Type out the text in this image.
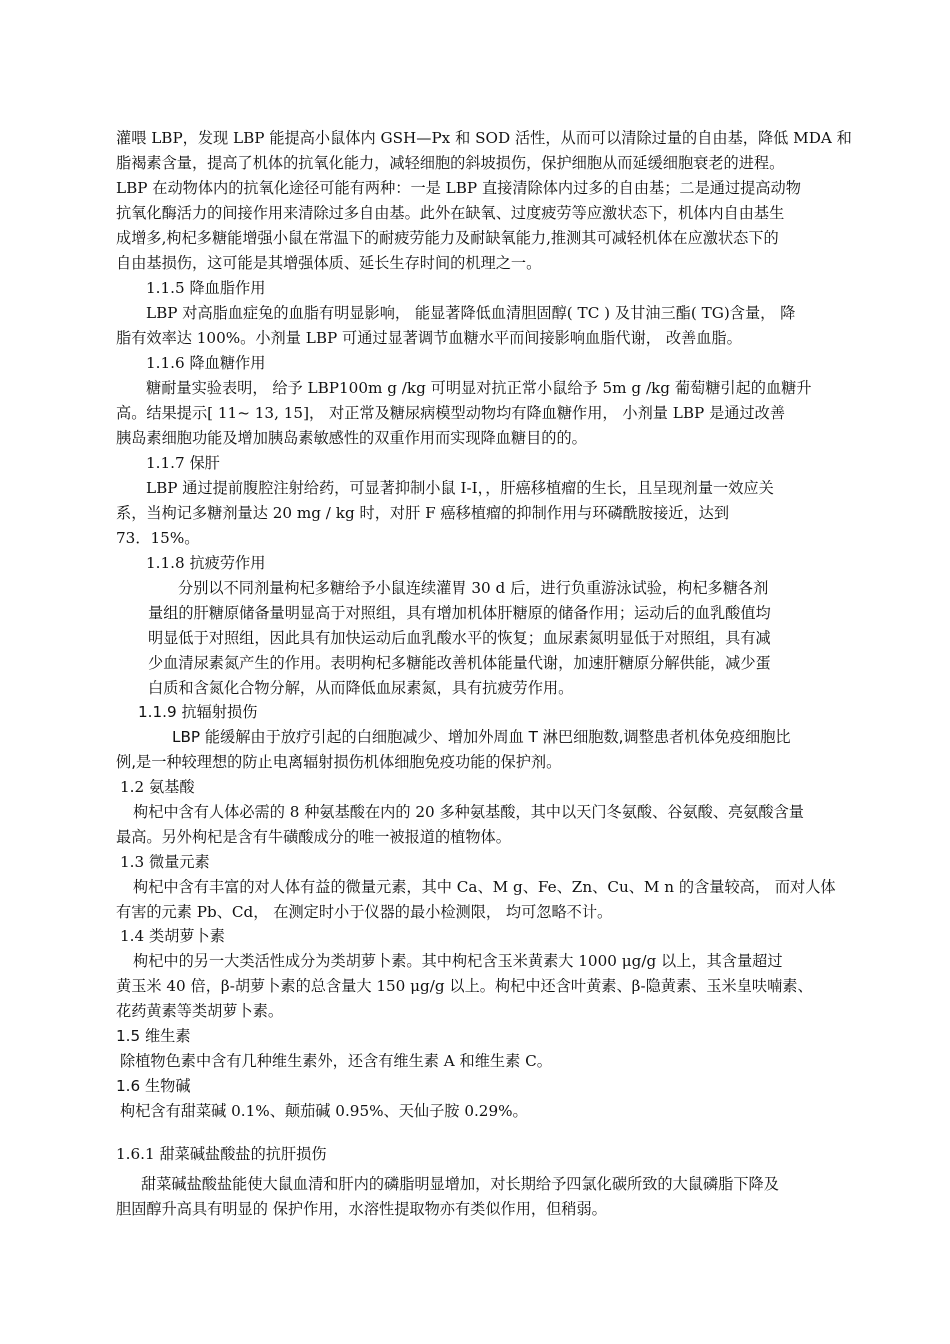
灌喂 LBP，发现 LBP 能提高小鼠体内 GSH—Px 和 SOD 活性，从而可以清除过量的自由基，降低 MDA 和
脂褐素含量，提高了机体的抗氧化能力，减轻细胞的斜坡损伤，保护细胞从而延缓细胞衰老的进程。
LBP 在动物体内的抗氧化途径可能有两种：一是 LBP 直接清除体内过多的自由基；二是通过提高动物
抗氧化酶活力的间接作用来清除过多自由基。此外在缺氧、过度疲劳等应激状态下，机体内自由基生
成增多,枸杞多糖能增强小鼠在常温下的耐疲劳能力及耐缺氧能力,推测其可减轻机体在应激状态下的
自由基损伤，这可能是其增强体质、延长生存时间的机理之一。
1.1.5 降血脂作用
LBP 对高脂血症兔的血脂有明显影响， 能显著降低血清胆固醇( TC ) 及甘油三酯( TG)含量， 降
脂有效率达 100%。小剂量 LBP 可通过显著调节血糖水平而间接影响血脂代谢， 改善血脂。
1.1.6 降血糖作用
糖耐量实验表明， 给予 LBP100m g /kg 可明显对抗正常小鼠给予 5m g /kg 葡萄糖引起的血糖升
高。结果提示[ 11~ 13, 15]， 对正常及糖尿病模型动物均有降血糖作用， 小剂量 LBP 是通过改善
胰岛素细胞功能及增加胰岛素敏感性的双重作用而实现降血糖目的的。
1.1.7 保肝
LBP 通过提前腹腔注射给药，可显著抑制小鼠 I-I，，肝癌移植瘤的生长，且呈现剂量一效应关
系，当枸记多糖剂量达 20 mg / kg 时，对肝 F 癌移植瘤的抑制作用与环磷酰胺接近，达到
73．15%。
1.1.8 抗疲劳作用
分别以不同剂量枸杞多糖给予小鼠连续灌胃 30 d 后，进行负重游泳试验，枸杞多糖各剂
量组的肝糖原储备量明显高于对照组，具有增加机体肝糖原的储备作用；运动后的血乳酸值均
明显低于对照组，因此具有加快运动后血乳酸水平的恢复；血尿素氮明显低于对照组，具有减
少血清尿素氮产生的作用。表明枸杞多糖能改善机体能量代谢，加速肝糖原分解供能，减少蛋
白质和含氮化合物分解，从而降低血尿素氮，具有抗疲劳作用。
1.1.9 抗辐射损伤
LBP 能缓解由于放疗引起的白细胞减少、增加外周血 T 淋巴细胞数,调整患者机体免疫细胞比
例,是一种较理想的防止电离辐射损伤机体细胞免疫功能的保护剂。
1.2 氨基酸
枸杞中含有人体必需的 8 种氨基酸在内的 20 多种氨基酸，其中以天门冬氨酸、谷氨酸、亮氨酸含量
最高。另外枸杞是含有牛磺酸成分的唯一被报道的植物体。
1.3 微量元素
枸杞中含有丰富的对人体有益的微量元素，其中 Ca、M g、Fe、Zn、Cu、M n 的含量较高， 而对人体
有害的元素 Pb、Cd， 在测定时小于仪器的最小检测限， 均可忽略不计。
1.4 类胡萝卜素
枸杞中的另一大类活性成分为类胡萝卜素。其中枸杞含玉米黄素大 1000 μg/g 以上，其含量超过
黄玉米 40 倍，β-胡萝卜素的总含量大 150 μg/g 以上。枸杞中还含叶黄素、β-隐黄素、玉米皇呋喃素、
花药黄素等类胡萝卜素。
1.5 维生素
除植物色素中含有几种维生素外，还含有维生素 A 和维生素 C。
1.6 生物碱
枸杞含有甜菜碱 0.1%、颠茄碱 0.95%、天仙子胺 0.29%。
1.6.1 甜菜碱盐酸盐的抗肝损伤
甜菜碱盐酸盐能使大鼠血清和肝内的磷脂明显增加，对长期给予四氯化碳所致的大鼠磷脂下降及
胆固醇升高具有明显的 保护作用，水溶性提取物亦有类似作用，但稍弱。
